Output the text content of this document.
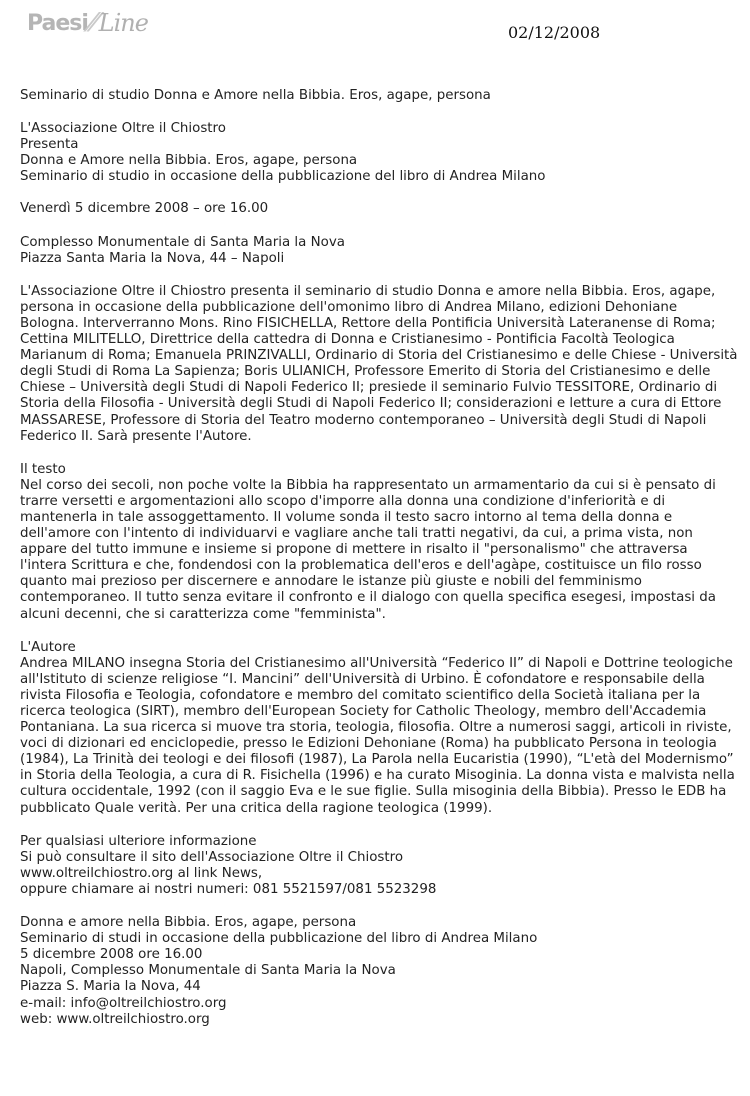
Paesi ⁄⁄ Line	02/12/2008

Seminario di studio Donna e Amore nella Bibbia. Eros, agape, persona

L'Associazione Oltre il Chiostro

Presenta

Donna e Amore nella Bibbia. Eros, agape, persona

Seminario di studio in occasione della pubblicazione del libro di Andrea Milano

Venerdì 5 dicembre 2008 – ore 16.00

Complesso Monumentale di Santa Maria la Nova

Piazza Santa Maria la Nova, 44 – Napoli

L'Associazione Oltre il Chiostro presenta il seminario di studio Donna e amore nella Bibbia. Eros, agape, persona in occasione della pubblicazione dell'omonimo libro di Andrea Milano, edizioni Dehoniane Bologna. Interverranno Mons. Rino FISICHELLA, Rettore della Pontificia Università Lateranense di Roma; Cettina MILITELLO, Direttrice della cattedra di Donna e Cristianesimo - Pontificia Facoltà Teologica Marianum di Roma; Emanuela PRINZIVALLI, Ordinario di Storia del Cristianesimo e delle Chiese - Università degli Studi di Roma La Sapienza; Boris ULIANICH, Professore Emerito di Storia del Cristianesimo e delle Chiese – Università degli Studi di Napoli Federico II; presiede il seminario Fulvio TESSITORE, Ordinario di Storia della Filosofia - Università degli Studi di Napoli Federico II; considerazioni e letture a cura di Ettore MASSARESE, Professore di Storia del Teatro moderno contemporaneo – Università degli Studi di Napoli Federico II. Sarà presente l'Autore.

Il testo

Nel corso dei secoli, non poche volte la Bibbia ha rappresentato un armamentario da cui si è pensato di trarre versetti e argomentazioni allo scopo d'imporre alla donna una condizione d'inferiorità e di mantenerla in tale assoggettamento. Il volume sonda il testo sacro intorno al tema della donna e dell'amore con l'intento di individuarvi e vagliare anche tali tratti negativi, da cui, a prima vista, non appare del tutto immune e insieme si propone di mettere in risalto il "personalismo" che attraversa l'intera Scrittura e che, fondendosi con la problematica dell'eros e dell'agàpe, costituisce un filo rosso quanto mai prezioso per discernere e annodare le istanze più giuste e nobili del femminismo contemporaneo. Il tutto senza evitare il confronto e il dialogo con quella specifica esegesi, impostasi da alcuni decenni, che si caratterizza come "femminista".

L'Autore

Andrea MILANO insegna Storia del Cristianesimo all'Università “Federico II” di Napoli e Dottrine teologiche all'Istituto di scienze religiose “I. Mancini” dell'Università di Urbino. È cofondatore e responsabile della rivista Filosofia e Teologia, cofondatore e membro del comitato scientifico della Società italiana per la ricerca teologica (SIRT), membro dell'European Society for Catholic Theology, membro dell'Accademia Pontaniana. La sua ricerca si muove tra storia, teologia, filosofia. Oltre a numerosi saggi, articoli in riviste, voci di dizionari ed enciclopedie, presso le Edizioni Dehoniane (Roma) ha pubblicato Persona in teologia (1984), La Trinità dei teologi e dei filosofi (1987), La Parola nella Eucaristia (1990), “L'età del Modernismo” in Storia della Teologia, a cura di R. Fisichella (1996) e ha curato Misoginia. La donna vista e malvista nella cultura occidentale, 1992 (con il saggio Eva e le sue figlie. Sulla misoginia della Bibbia). Presso le EDB ha pubblicato Quale verità. Per una critica della ragione teologica (1999).

Per qualsiasi ulteriore informazione

Si può consultare il sito dell'Associazione Oltre il Chiostro

www.oltreilchiostro.org al link News,

oppure chiamare ai nostri numeri: 081 5521597/081 5523298

Donna e amore nella Bibbia. Eros, agape, persona

Seminario di studi in occasione della pubblicazione del libro di Andrea Milano

5 dicembre 2008 ore 16.00

Napoli, Complesso Monumentale di Santa Maria la Nova

Piazza S. Maria la Nova, 44

e-mail: info@oltreilchiostro.org

web: www.oltreilchiostro.org
